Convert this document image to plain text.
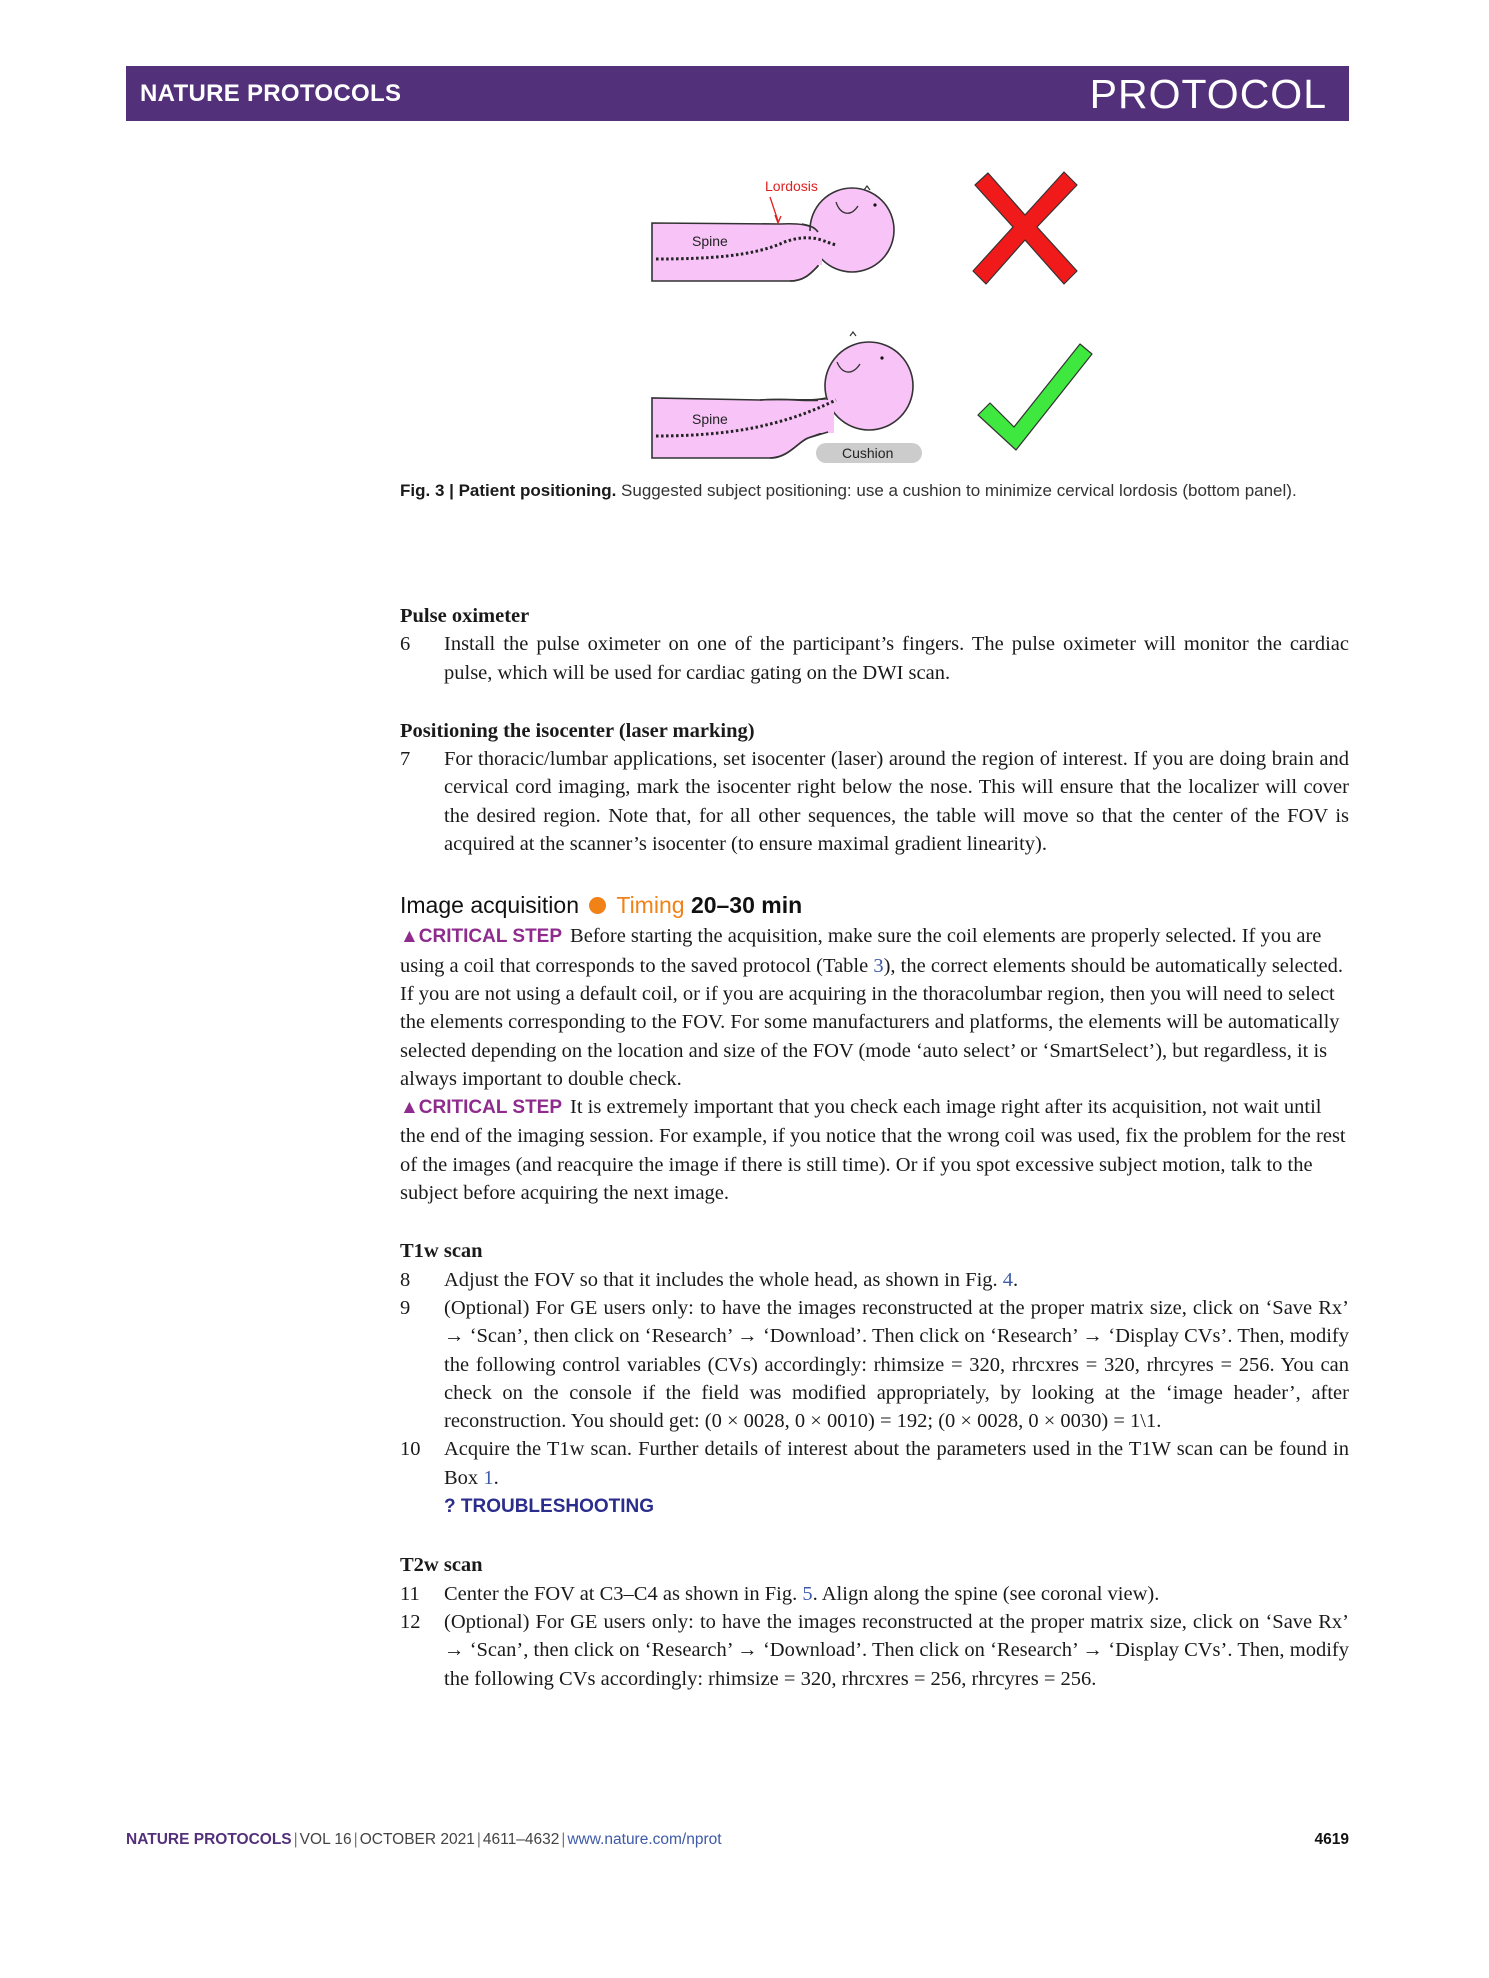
NATURE PROTOCOLS	PROTOCOL
Spine
Lordosis
Spine
Cushion
Fig. 3 | Patient positioning. Suggested subject positioning: use a cushion to minimize cervical lordosis (bottom panel).

Pulse oximeter

6	Install the pulse oximeter on one of the participant’s fingers. The pulse oximeter will monitor the cardiac pulse, which will be used for cardiac gating on the DWI scan.

Positioning the isocenter (laser marking)

7	For thoracic/lumbar applications, set isocenter (laser) around the region of interest. If you are doing brain and cervical cord imaging, mark the isocenter right below the nose. This will ensure that the localizer will cover the desired region. Note that, for all other sequences, the table will move so that the center of the FOV is acquired at the scanner’s isocenter (to ensure maximal gradient linearity).

Image acquisition Timing 20–30 min

▲CRITICAL STEP Before starting the acquisition, make sure the coil elements are properly selected. If you are using a coil that corresponds to the saved protocol (Table 3), the correct elements should be automatically selected. If you are not using a default coil, or if you are acquiring in the thoracolumbar region, then you will need to select the elements corresponding to the FOV. For some manufacturers and platforms, the elements will be automatically selected depending on the location and size of the FOV (mode ‘auto select’ or ‘SmartSelect’), but regardless, it is always important to double check.

▲CRITICAL STEP It is extremely important that you check each image right after its acquisition, not wait until the end of the imaging session. For example, if you notice that the wrong coil was used, fix the problem for the rest of the images (and reacquire the image if there is still time). Or if you spot excessive subject motion, talk to the subject before acquiring the next image.

T1w scan

8	Adjust the FOV so that it includes the whole head, as shown in Fig. 4.
9	(Optional) For GE users only: to have the images reconstructed at the proper matrix size, click on ‘Save Rx’ → ‘Scan’, then click on ‘Research’ → ‘Download’. Then click on ‘Research’ → ‘Display CVs’. Then, modify the following control variables (CVs) accordingly: rhimsize = 320, rhrcxres = 320, rhrcyres = 256. You can check on the console if the field was modified appropriately, by looking at the ‘image header’, after reconstruction. You should get: (0 × 0028, 0 × 0010) = 192; (0 × 0028, 0 × 0030) = 1\1.
10	Acquire the T1w scan. Further details of interest about the parameters used in the T1W scan can be found in Box 1.
? TROUBLESHOOTING

T2w scan

11	Center the FOV at C3–C4 as shown in Fig. 5. Align along the spine (see coronal view).
12	(Optional) For GE users only: to have the images reconstructed at the proper matrix size, click on ‘Save Rx’ → ‘Scan’, then click on ‘Research’ → ‘Download’. Then click on ‘Research’ → ‘Display CVs’. Then, modify the following CVs accordingly: rhimsize = 320, rhrcxres = 256, rhrcyres = 256.
NATURE PROTOCOLS | VOL 16 | OCTOBER 2021 | 4611–4632 | www.nature.com/nprot	4619
